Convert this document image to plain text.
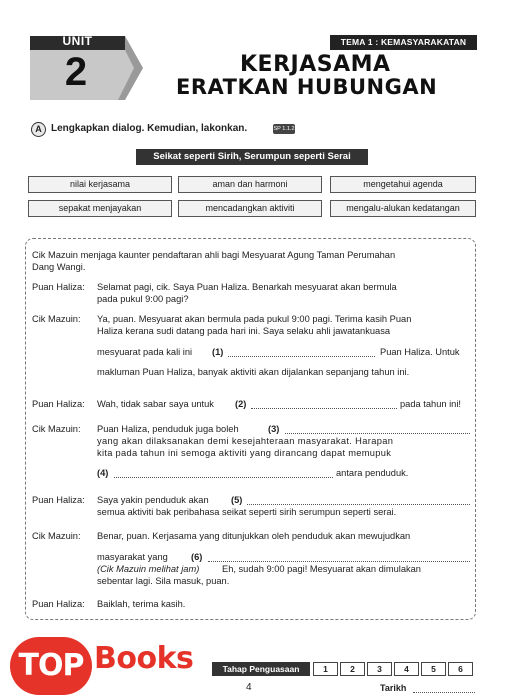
UNIT
2
TEMA 1 : KEMASYARAKATAN
KERJASAMA
ERATKAN HUBUNGAN
A Lengkapkan dialog. Kemudian, lakonkan.	SP 1.1.2
Seikat seperti Sirih, Serumpun seperti Serai
nilai kerjasama	aman dan harmoni	mengetahui agenda
sepakat menjayakan	mencadangkan aktiviti	mengalu-alukan kedatangan
Cik Mazuin menjaga kaunter pendaftaran ahli bagi Mesyuarat Agung Taman Perumahan
Dang Wangi.
Puan Haliza: Selamat pagi, cik. Saya Puan Haliza. Benarkah mesyuarat akan bermula
pada pukul 9:00 pagi?
Cik Mazuin: Ya, puan. Mesyuarat akan bermula pada pukul 9:00 pagi. Terima kasih Puan
Haliza kerana sudi datang pada hari ini. Saya selaku ahli jawatankuasa
mesyuarat pada kali ini (1)	Puan Haliza. Untuk
makluman Puan Haliza, banyak aktiviti akan dijalankan sepanjang tahun ini.
Puan Haliza: Wah, tidak sabar saya untuk (2)	pada tahun ini!
Cik Mazuin: Puan Haliza, penduduk juga boleh	(3)
yang akan dilaksanakan demi kesejahteraan masyarakat. Harapan
kita pada tahun ini semoga aktiviti yang dirancang dapat memupuk
(4)	antara penduduk.
Puan Haliza: Saya yakin penduduk akan (5)
semua aktiviti bak peribahasa seikat seperti sirih serumpun seperti serai.
Cik Mazuin: Benar, puan. Kerjasama yang ditunjukkan oleh penduduk akan mewujudkan
masyarakat yang (6)
(Cik Mazuin melihat jam) Eh, sudah 9:00 pagi! Mesyuarat akan dimulakan
sebentar lagi. Sila masuk, puan.
Puan Haliza: Baiklah, terima kasih.
TOP Books	Tahap Penguasaan	1	2	3	4	5	6
4	Tarikh
